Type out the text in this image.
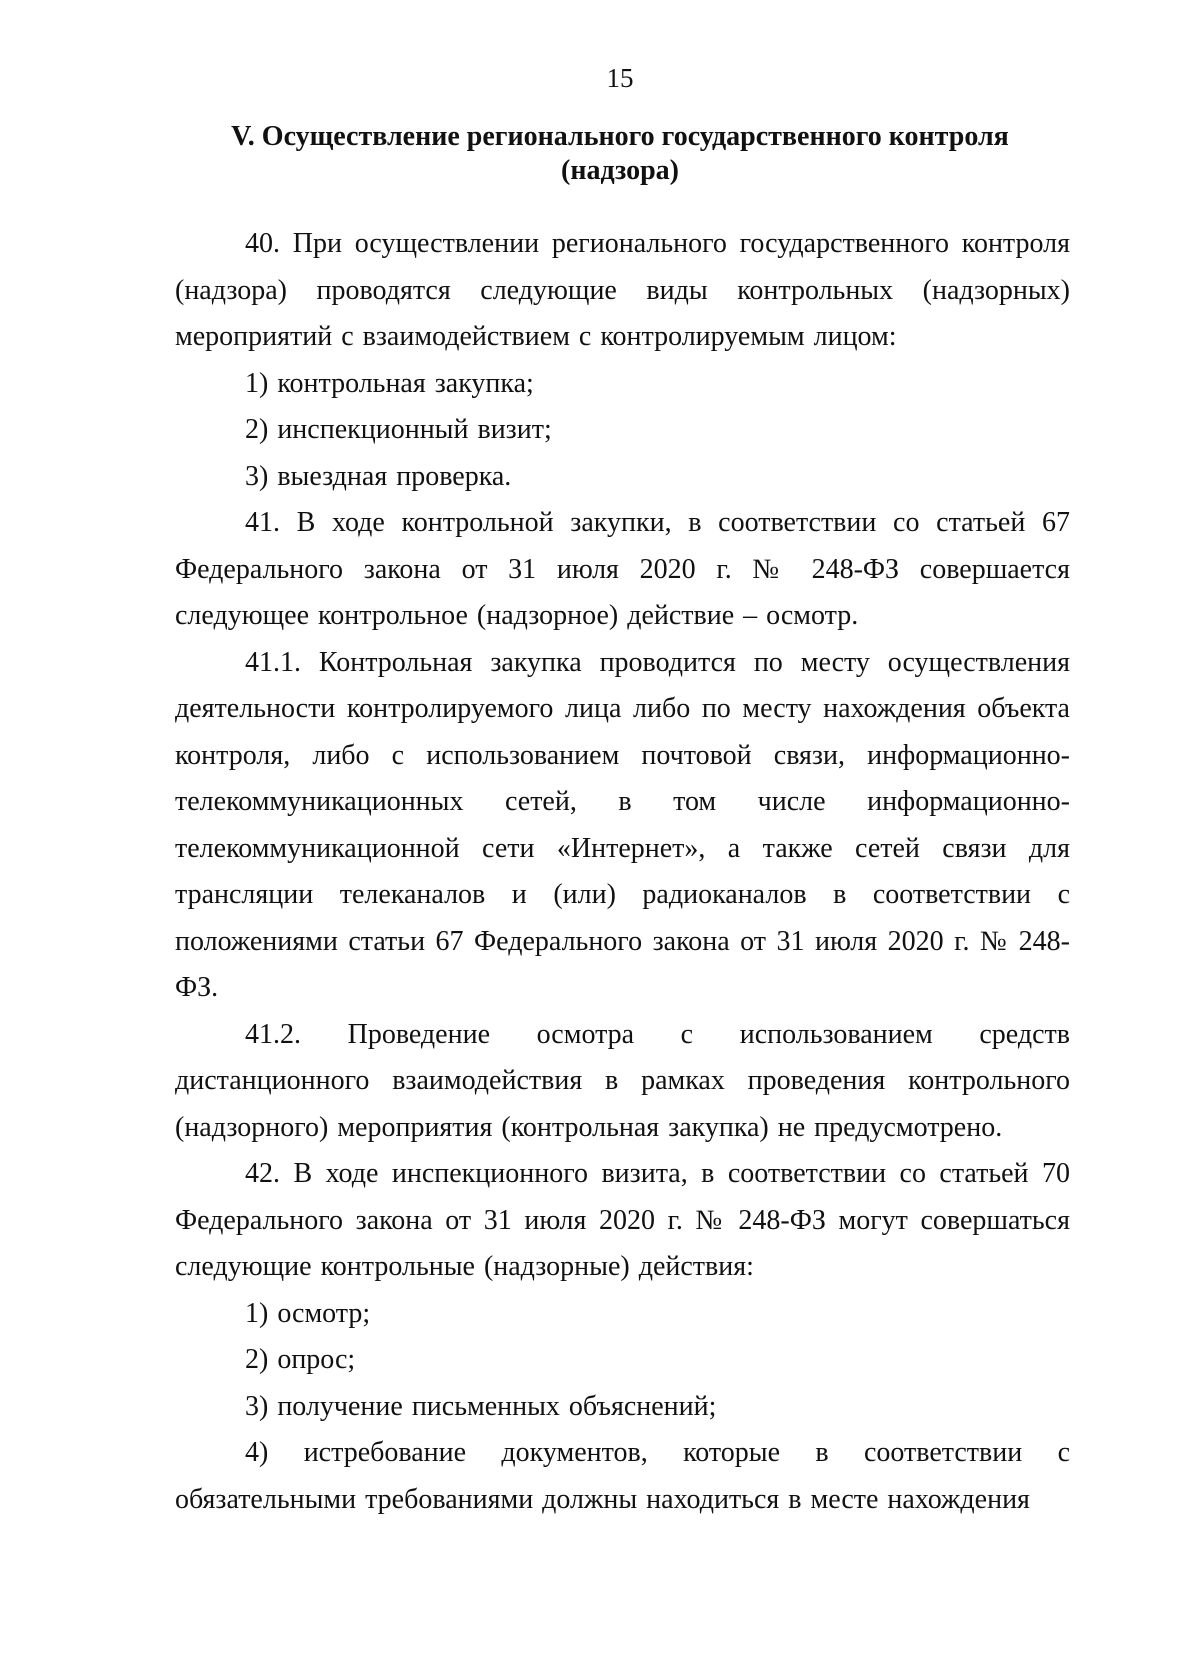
15
V. Осуществление регионального государственного контроля
(надзора)

40. При осуществлении регионального государственного контроля (надзора) проводятся следующие виды контрольных (надзорных) мероприятий с взаимодействием с контролируемым лицом:

1) контрольная закупка;

2) инспекционный визит;

3) выездная проверка.

41. В ходе контрольной закупки, в соответствии со статьей 67 Федерального закона от 31 июля 2020 г. № 248-ФЗ совершается следующее контрольное (надзорное) действие – осмотр.

41.1. Контрольная закупка проводится по месту осуществления деятельности контролируемого лица либо по месту нахождения объекта контроля, либо с использованием почтовой связи, информационно-телекоммуникационных сетей, в том числе информационно-телекоммуникационной сети «Интернет», а также сетей связи для трансляции телеканалов и (или) радиоканалов в соответствии с положениями статьи 67 Федерального закона от 31 июля 2020 г. № 248-ФЗ.

41.2. Проведение осмотра с использованием средств дистанционного взаимодействия в рамках проведения контрольного (надзорного) мероприятия (контрольная закупка) не предусмотрено.

42. В ходе инспекционного визита, в соответствии со статьей 70 Федерального закона от 31 июля 2020 г. № 248-ФЗ могут совершаться следующие контрольные (надзорные) действия:

1) осмотр;

2) опрос;

3) получение письменных объяснений;

4) истребование документов, которые в соответствии с обязательными требованиями должны находиться в месте нахождения
